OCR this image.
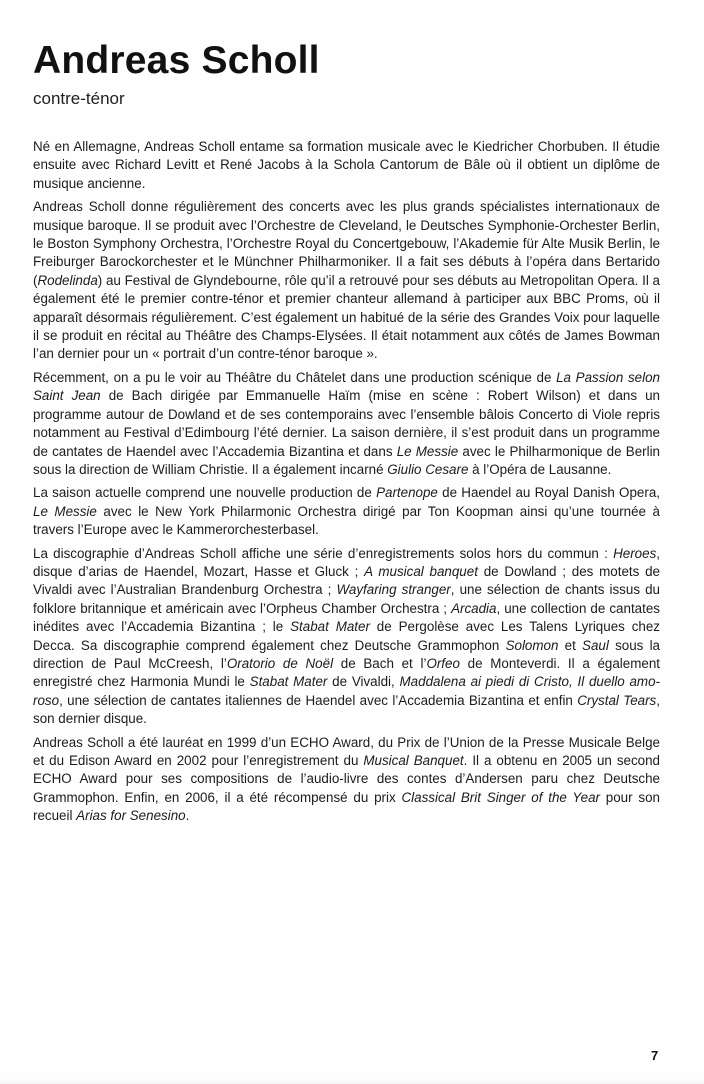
Andreas Scholl
contre-ténor

Né en Allemagne, Andreas Scholl entame sa formation musicale avec le Kiedricher Chorbuben. Il étudie ensuite avec Richard Levitt et René Jacobs à la Schola Cantorum de Bâle où il obtient un diplôme de musique ancienne.

Andreas Scholl donne régulièrement des concerts avec les plus grands spécialistes internationaux de musique baroque. Il se produit avec l’Orchestre de Cleveland, le Deutsches Symphonie-Orchester Berlin, le Boston Symphony Orchestra, l’Orchestre Royal du Concertgebouw, l’Akademie für Alte Musik Berlin, le Freiburger Barockorchester et le Münchner Philharmoniker. Il a fait ses débuts à l’opéra dans Bertarido (Rodelinda) au Festival de Glyndebourne, rôle qu’il a retrouvé pour ses débuts au Metropolitan Opera. Il a également été le premier contre-ténor et premier chanteur allemand à participer aux BBC Proms, où il apparaît désormais régulièrement. C’est également un habitué de la série des Grandes Voix pour laquelle il se produit en récital au Théâtre des Champs-Elysées. Il était notamment aux côtés de James Bowman l’an dernier pour un « portrait d’un contre-ténor baroque ».

Récemment, on a pu le voir au Théâtre du Châtelet dans une production scénique de La Passion selon Saint Jean de Bach dirigée par Emmanuelle Haïm (mise en scène : Robert Wilson) et dans un programme autour de Dowland et de ses contemporains avec l’ensemble bâlois Concerto di Viole repris notamment au Festival d’Edimbourg l’été dernier. La saison dernière, il s’est produit dans un programme de cantates de Haendel avec l’Accademia Bizantina et dans Le Messie avec le Philharmonique de Berlin sous la direction de William Christie. Il a également incarné Giulio Cesare à l’Opéra de Lausanne.

La saison actuelle comprend une nouvelle production de Partenope de Haendel au Royal Danish Opera, Le Messie avec le New York Philarmonic Orchestra dirigé par Ton Koopman ainsi qu’une tournée à travers l’Europe avec le Kammerorchesterbasel.

La discographie d’Andreas Scholl affiche une série d’enregistrements solos hors du commun : Heroes, disque d’arias de Haendel, Mozart, Hasse et Gluck ; A musical banquet de Dowland ; des motets de Vivaldi avec l’Australian Brandenburg Orchestra ; Wayfaring stranger, une sélection de chants issus du folklore britannique et américain avec l’Orpheus Chamber Orchestra ; Arcadia, une collection de cantates inédites avec l’Accademia Bizantina ; le Stabat Mater de Pergolèse avec Les Talens Lyriques chez Decca. Sa discographie comprend également chez Deutsche Grammophon Solomon et Saul sous la direction de Paul McCreesh, l’Oratorio de Noël de Bach et l’Orfeo de Monteverdi. Il a également enregistré chez Harmonia Mundi le Stabat Mater de Vivaldi, Maddalena ai piedi di Cristo, Il duello amoroso, une sélection de cantates italiennes de Haendel avec l’Accademia Bizantina et enfin Crystal Tears, son dernier disque.

Andreas Scholl a été lauréat en 1999 d’un ECHO Award, du Prix de l’Union de la Presse Musicale Belge et du Edison Award en 2002 pour l’enregistrement du Musical Banquet. Il a obtenu en 2005 un second ECHO Award pour ses compositions de l’audio-livre des contes d’Andersen paru chez Deutsche Grammophon. Enfin, en 2006, il a été récompensé du prix Classical Brit Singer of the Year pour son recueil Arias for Senesino.

7
